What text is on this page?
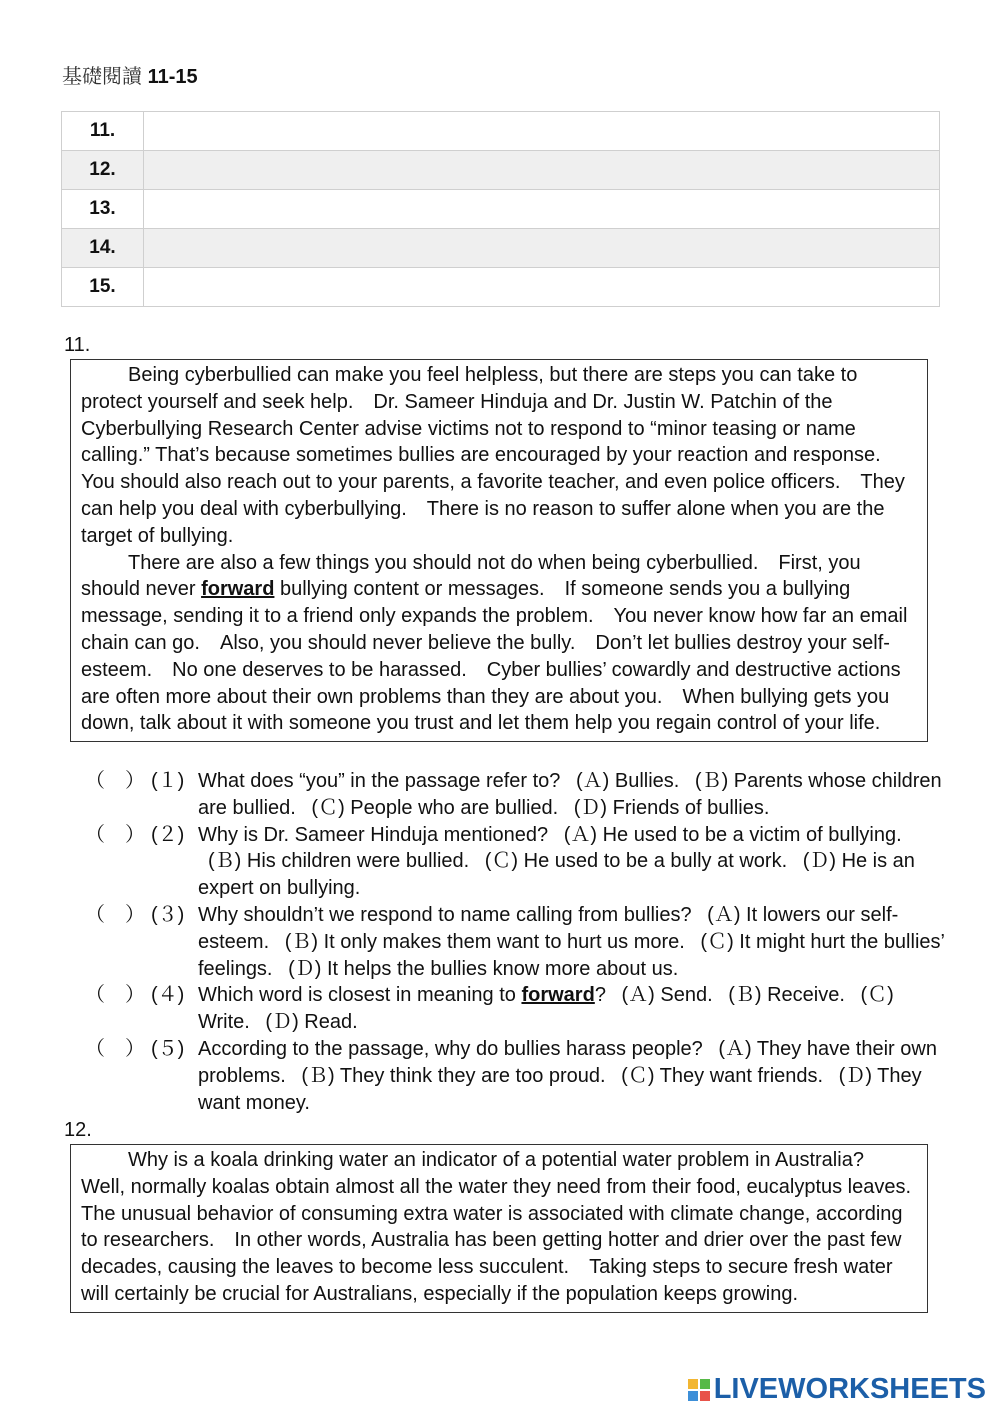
基礎閱讀 11-15
11.	
12.	
13.	
14.	
15.	
11.

Being cyberbullied can make you feel helpless, but there are steps you can take to protect yourself and seek help.　Dr. Sameer Hinduja and Dr. Justin W. Patchin of the Cyberbullying Research Center advise victims not to respond to “minor teasing or name calling.” That’s because sometimes bullies are encouraged by your reaction and response.　You should also reach out to your parents, a favorite teacher, and even police officers.　They can help you deal with cyberbullying.　There is no reason to suffer alone when you are the target of bullying.

There are also a few things you should not do when being cyberbullied.　First, you should never forward bullying content or messages.　If someone sends you a bullying message, sending it to a friend only expands the problem.　You never know how far an email chain can go.　Also, you should never believe the bully.　Don’t let bullies destroy your self-esteem.　No one deserves to be harassed.　Cyber bullies’ cowardly and destructive actions are often more about their own problems than they are about you.　When bullying gets you down, talk about it with someone you trust and let them help you regain control of your life.

（　） (１) What does “you” in the passage refer to? (Ａ) Bullies. (Ｂ) Parents whose children are bullied. (Ｃ) People who are bullied. (Ｄ) Friends of bullies.
（　） (２) Why is Dr. Sameer Hinduja mentioned? (Ａ) He used to be a victim of bullying. (Ｂ) His children were bullied. (Ｃ) He used to be a bully at work. (Ｄ) He is an expert on bullying.
（　） (３) Why shouldn’t we respond to name calling from bullies? (Ａ) It lowers our self-esteem. (Ｂ) It only makes them want to hurt us more. (Ｃ) It might hurt the bullies’ feelings. (Ｄ) It helps the bullies know more about us.
（　） (４) Which word is closest in meaning to forward? (Ａ) Send. (Ｂ) Receive. (Ｃ) Write. (Ｄ) Read.
（　） (５) According to the passage, why do bullies harass people? (Ａ) They have their own problems. (Ｂ) They think they are too proud. (Ｃ) They want friends. (Ｄ) They want money.
12.

Why is a koala drinking water an indicator of a potential water problem in Australia?　Well, normally koalas obtain almost all the water they need from their food, eucalyptus leaves.　The unusual behavior of consuming extra water is associated with climate change, according to researchers.　In other words, Australia has been getting hotter and drier over the past few decades, causing the leaves to become less succulent.　Taking steps to secure fresh water will certainly be crucial for Australians, especially if the population keeps growing.

LIVEWORKSHEETS
